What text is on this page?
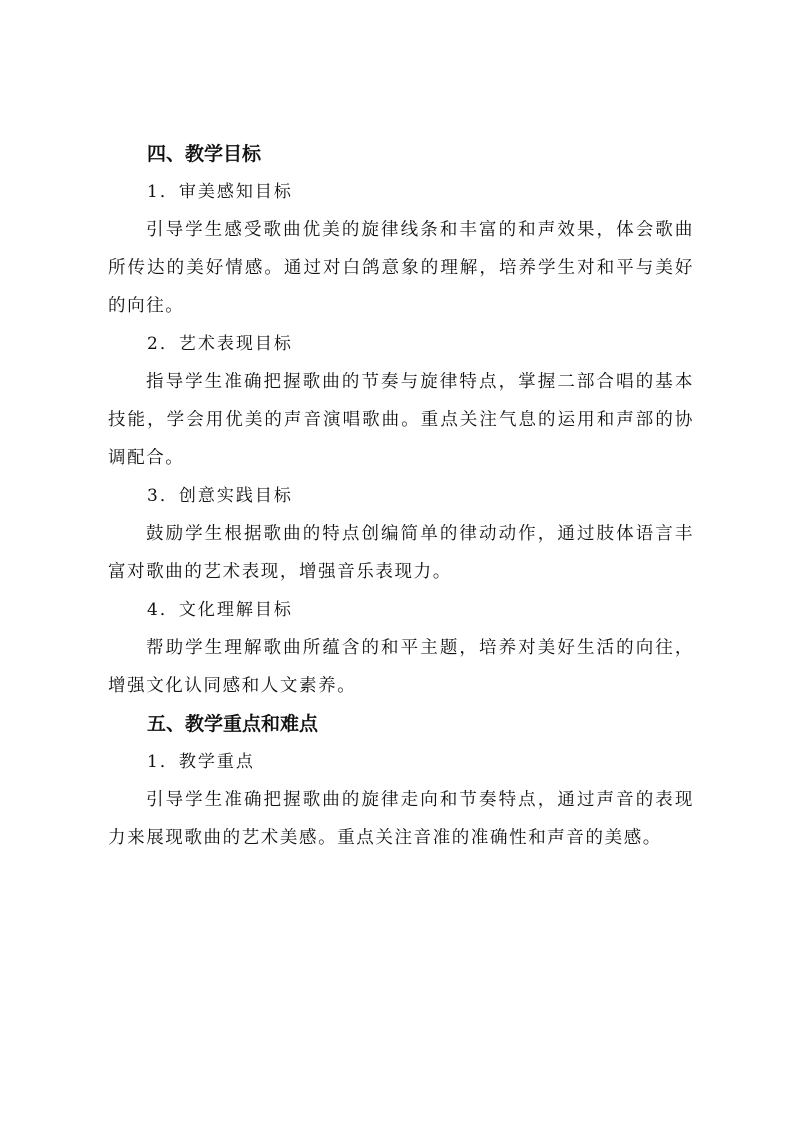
四、教学目标

1．审美感知目标

引导学生感受歌曲优美的旋律线条和丰富的和声效果，体会歌曲所传达的美好情感。通过对白鸽意象的理解，培养学生对和平与美好的向往。

2．艺术表现目标

指导学生准确把握歌曲的节奏与旋律特点，掌握二部合唱的基本技能，学会用优美的声音演唱歌曲。重点关注气息的运用和声部的协调配合。

3．创意实践目标

鼓励学生根据歌曲的特点创编简单的律动动作，通过肢体语言丰富对歌曲的艺术表现，增强音乐表现力。

4．文化理解目标

帮助学生理解歌曲所蕴含的和平主题，培养对美好生活的向往，增强文化认同感和人文素养。

五、教学重点和难点

1．教学重点

引导学生准确把握歌曲的旋律走向和节奏特点，通过声音的表现力来展现歌曲的艺术美感。重点关注音准的准确性和声音的美感。
